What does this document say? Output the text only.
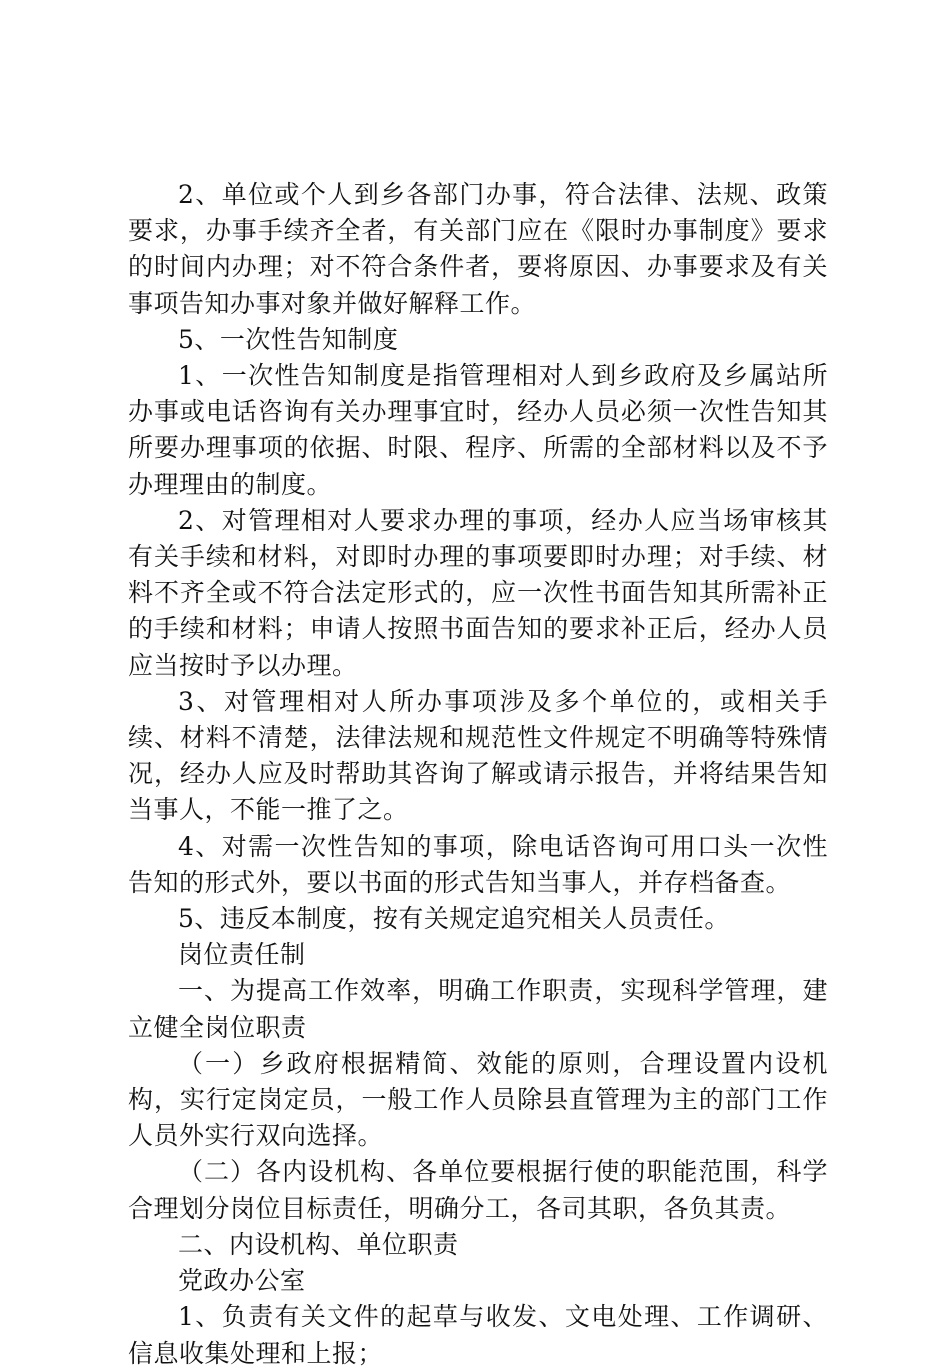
2、单位或个人到乡各部门办事，符合法律、法规、政策要求，办事手续齐全者，有关部门应在《限时办事制度》要求的时间内办理；对不符合条件者，要将原因、办事要求及有关事项告知办事对象并做好解释工作。

5、一次性告知制度

1、一次性告知制度是指管理相对人到乡政府及乡属站所办事或电话咨询有关办理事宜时，经办人员必须一次性告知其所要办理事项的依据、时限、程序、所需的全部材料以及不予办理理由的制度。

2、对管理相对人要求办理的事项，经办人应当场审核其有关手续和材料，对即时办理的事项要即时办理；对手续、材料不齐全或不符合法定形式的，应一次性书面告知其所需补正的手续和材料；申请人按照书面告知的要求补正后，经办人员应当按时予以办理。

3、对管理相对人所办事项涉及多个单位的，或相关手续、材料不清楚，法律法规和规范性文件规定不明确等特殊情况，经办人应及时帮助其咨询了解或请示报告，并将结果告知当事人，不能一推了之。

4、对需一次性告知的事项，除电话咨询可用口头一次性告知的形式外，要以书面的形式告知当事人，并存档备查。

5、违反本制度，按有关规定追究相关人员责任。

岗位责任制

一、为提高工作效率，明确工作职责，实现科学管理，建立健全岗位职责

（一）乡政府根据精简、效能的原则，合理设置内设机构，实行定岗定员，一般工作人员除县直管理为主的部门工作人员外实行双向选择。

（二）各内设机构、各单位要根据行使的职能范围，科学合理划分岗位目标责任，明确分工，各司其职，各负其责。

二、内设机构、单位职责

党政办公室

1、负责有关文件的起草与收发、文电处理、工作调研、信息收集处理和上报；
